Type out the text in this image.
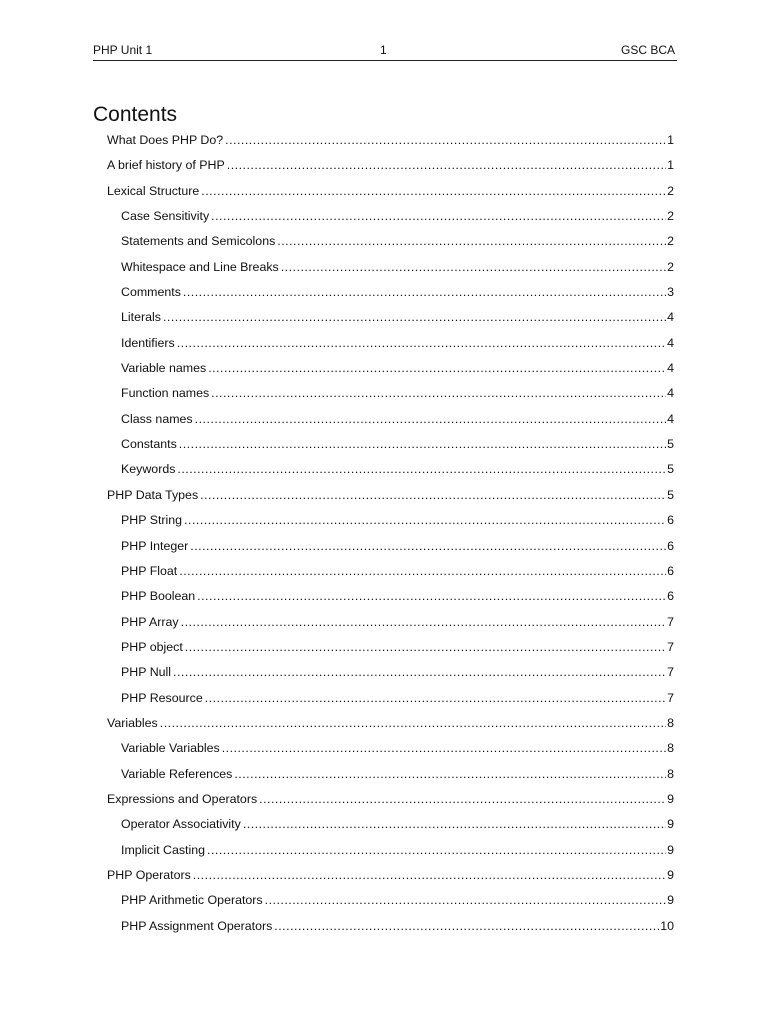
PHP Unit 1	1	GSC BCA
Contents
What Does PHP Do? .....	1
A brief history of PHP .....	1
Lexical Structure .....	2
Case Sensitivity .....	2
Statements and Semicolons .....	2
Whitespace and Line Breaks .....	2
Comments .....	3
Literals .....	4
Identifiers .....	4
Variable names .....	4
Function names .....	4
Class names .....	4
Constants .....	5
Keywords .....	5
PHP Data Types .....	5
PHP String .....	6
PHP Integer .....	6
PHP Float .....	6
PHP Boolean .....	6
PHP Array .....	7
PHP object .....	7
PHP Null .....	7
PHP Resource .....	7
Variables .....	8
Variable Variables .....	8
Variable References .....	8
Expressions and Operators .....	9
Operator Associativity .....	9
Implicit Casting .....	9
PHP Operators .....	9
PHP Arithmetic Operators .....	9
PHP Assignment Operators .....	10
